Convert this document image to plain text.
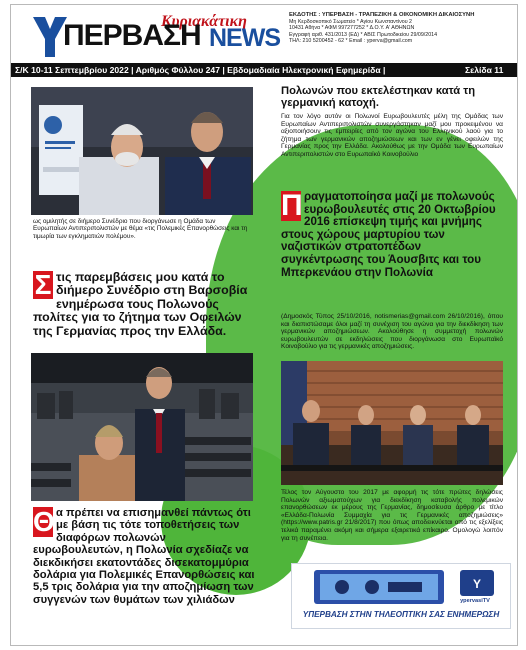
Κυριακάτικη
ΠΕΡΒΑΣΗ NEWS
ΕΚΔΟΤΗΣ : ΥΠΕΡΒΑΣΗ - ΤΡΑΠΕΖΙΚΗ & ΟΙΚΟΝΟΜΙΚΗ ΔΙΚΑΙΟΣΥΝΗ
Μη Κερδοσκοπικό Σωματείο * Αγίου Κωνσταντίνου 2
10431 Αθήνα * ΑΦΜ 997277252 * Δ.Ο.Υ. Α' ΑΘΗΝΩΝ
Εγγραφή αριθ. 431/2013 (ΕΔ) * ΑΒΙΣ Πρωτοδικείου 29/09/2014
ΤΗΛ: 210 5200452 - 62 * Email : yperva@gmail.com
Σ/Κ 10-11 Σεπτεμβρίου 2022 | Αριθμός Φύλλου 247 | Εβδομαδιαία Ηλεκτρονική Εφημερίδα |	Σελίδα 11
ως ομιλητής σε διήμερο Συνέδριο που διοργάνωσε η Ομάδα των Ευρωπαίων Αντιπεριπολιστών με θέμα «τις Πολεμικές Επανορθώσεις και τη τιμωρία των εγκληματιών πολέμου».
Σ τις παρεμβάσεις μου κατά το διήμερο Συνέδριο στη Βαρσοβία ενημέρωσα τους Πολωνούς πολίτες για το ζήτημα των Οφειλών της Γερμανίας προς την Ελλάδα.
Θ α πρέπει να επισημανθεί πάντως ότι με βάση τις τότε τοποθετήσεις των διαφόρων πολωνών ευρωβουλευτών, η Πολωνία σχεδίαζε να διεκδικήσει εκατοντάδες δισεκατομμύρια δολάρια για Πολεμικές Επανορθώσεις και 5,5 τρις δολάρια για την αποζημίωση των συγγενών των θυμάτων των χιλιάδων
Πολωνών που εκτελέστηκαν κατά τη γερμανική κατοχή.
Για τον λόγο αυτόν οι Πολωνοί Ευρωβουλευτές μέλη της Ομάδας των Ευρωπαίων Αντιπεριπολιστών συνεργάστηκαν μαζί μου προκειμένου να αξιοποιήσουν τις εμπειρίες από τον αγώνα του Ελληνικού λαού για το ζήτημα των γερμανικών αποζημιώσεων και των εν γένει οφειλών της Γερμανίας προς την Ελλάδα. Ακολούθως με την Ομάδα των Ευρωπαίων Αντιπεριπολιστών στο Ευρωπαϊκό Κοινοβούλιο
Π ραγματοποίησα μαζί με πολωνούς ευρωβουλευτές στις 20 Οκτωβρίου 2016 επίσκεψη τιμής και μνήμης στους χώρους μαρτυρίου των ναζιστικών στρατοπέδων συγκέντρωσης του Άουσβιτς και του Μπερκενάου στην Πολωνία
(Δημοσκός Τύπος 25/10/2016, notismerias@gmail.com 26/10/2016), όπου και διαπιστώσαμε όλοι μαζί τη συνέχιση του αγώνα για την διεκδίκηση των γερμανικών αποζημιώσεων. Ακολούθησε η συμμετοχή πολωνών ευρωβουλευτών σε εκδηλώσεις που διοργάνωσα στο Ευρωπαϊκό Κοινοβούλιο για τις γερμανικές αποζημιώσεις.
Τέλος τον Αύγουστο του 2017 με αφορμή τις τότε πρώτες δηλώσεις Πολωνών αξιωματούχων για διεκδίκηση καταβολής πολεμικών επανορθώσεων εκ μέρους της Γερμανίας, δημοσίευσα άρθρο με τίτλο «Ελλάδα-Πολωνία Συμμαχία για τις Γερμανικές αποζημιώσεις» (https://www.patris.gr 21/8/2017) που όπως αποδεικνύεται από τις εξελίξεις τελικά παραμένει ακόμη και σήμερα εξαιρετικά επίκαιρο. Ομολογώ λοιπόν για τη συνέπεια.
Y
ypervasiTV
ΥΠΕΡΒΑΣΗ ΣΤΗΝ ΤΗΛΕΟΠΤΙΚΗ ΣΑΣ ΕΝΗΜΕΡΩΣΗ
